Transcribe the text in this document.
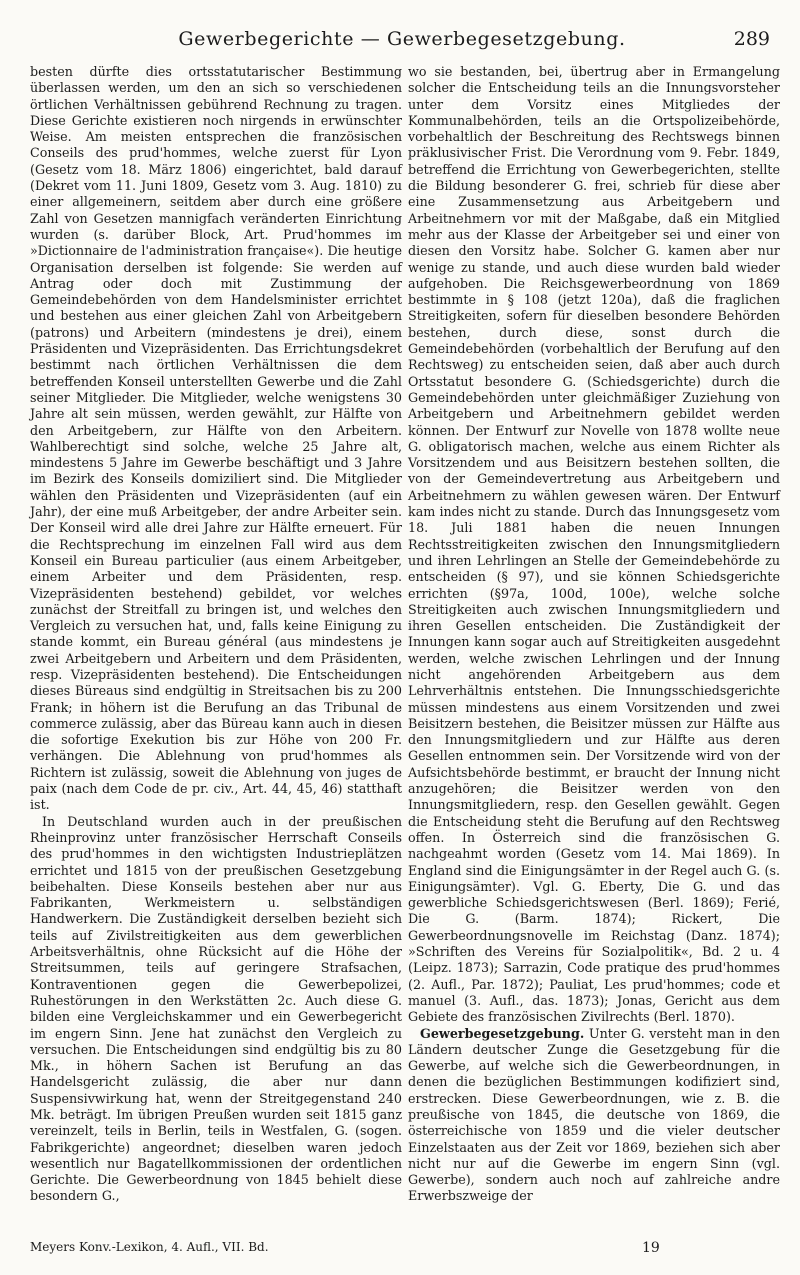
Gewerbegerichte — Gewerbegesetzgebung.	289

besten dürfte dies ortsstatutarischer Bestimmung überlassen werden, um den an sich so verschiedenen örtlichen Verhältnissen gebührend Rechnung zu tragen. Diese Gerichte existieren noch nirgends in erwünschter Weise. Am meisten entsprechen die französischen Conseils des prud'hommes, welche zuerst für Lyon (Gesetz vom 18. März 1806) eingerichtet, bald darauf (Dekret vom 11. Juni 1809, Gesetz vom 3. Aug. 1810) zu einer allgemeinern, seitdem aber durch eine größere Zahl von Gesetzen mannigfach veränderten Einrichtung wurden (s. darüber Block, Art. Prud'hommes im »Dictionnaire de l'administration française«). Die heutige Organisation derselben ist folgende: Sie werden auf Antrag oder doch mit Zustimmung der Gemeindebehörden von dem Handelsminister errichtet und bestehen aus einer gleichen Zahl von Arbeitgebern (patrons) und Arbeitern (mindestens je drei), einem Präsidenten und Vizepräsidenten. Das Errichtungsdekret bestimmt nach örtlichen Verhältnissen die dem betreffenden Konseil unterstellten Gewerbe und die Zahl seiner Mitglieder. Die Mitglieder, welche wenigstens 30 Jahre alt sein müssen, werden gewählt, zur Hälfte von den Arbeitgebern, zur Hälfte von den Arbeitern. Wahlberechtigt sind solche, welche 25 Jahre alt, mindestens 5 Jahre im Gewerbe beschäftigt und 3 Jahre im Bezirk des Konseils domiziliert sind. Die Mitglieder wählen den Präsidenten und Vizepräsidenten (auf ein Jahr), der eine muß Arbeitgeber, der andre Arbeiter sein. Der Konseil wird alle drei Jahre zur Hälfte erneuert. Für die Rechtsprechung im einzelnen Fall wird aus dem Konseil ein Bureau particulier (aus einem Arbeitgeber, einem Arbeiter und dem Präsidenten, resp. Vizepräsidenten bestehend) gebildet, vor welches zunächst der Streitfall zu bringen ist, und welches den Vergleich zu versuchen hat, und, falls keine Einigung zu stande kommt, ein Bureau général (aus mindestens je zwei Arbeitgebern und Arbeitern und dem Präsidenten, resp. Vizepräsidenten bestehend). Die Entscheidungen dieses Büreaus sind endgültig in Streitsachen bis zu 200 Frank; in höhern ist die Berufung an das Tribunal de commerce zulässig, aber das Büreau kann auch in diesen die sofortige Exekution bis zur Höhe von 200 Fr. verhängen. Die Ablehnung von prud'hommes als Richtern ist zulässig, soweit die Ablehnung von juges de paix (nach dem Code de pr. civ., Art. 44, 45, 46) statthaft ist.

In Deutschland wurden auch in der preußischen Rheinprovinz unter französischer Herrschaft Conseils des prud'hommes in den wichtigsten Industrieplätzen errichtet und 1815 von der preußischen Gesetzgebung beibehalten. Diese Konseils bestehen aber nur aus Fabrikanten, Werkmeistern u. selbständigen Handwerkern. Die Zuständigkeit derselben bezieht sich teils auf Zivilstreitigkeiten aus dem gewerblichen Arbeitsverhältnis, ohne Rücksicht auf die Höhe der Streitsummen, teils auf geringere Strafsachen, Kontraventionen gegen die Gewerbepolizei, Ruhestörungen in den Werkstätten 2c. Auch diese G. bilden eine Vergleichskammer und ein Gewerbegericht im engern Sinn. Jene hat zunächst den Vergleich zu versuchen. Die Entscheidungen sind endgültig bis zu 80 Mk., in höhern Sachen ist Berufung an das Handelsgericht zulässig, die aber nur dann Suspensivwirkung hat, wenn der Streitgegenstand 240 Mk. beträgt. Im übrigen Preußen wurden seit 1815 ganz vereinzelt, teils in Berlin, teils in Westfalen, G. (sogen. Fabrikgerichte) angeordnet; dieselben waren jedoch wesentlich nur Bagatellkommissionen der ordentlichen Gerichte. Die Gewerbeordnung von 1845 behielt diese besondern G.,

wo sie bestanden, bei, übertrug aber in Ermangelung solcher die Entscheidung teils an die Innungsvorsteher unter dem Vorsitz eines Mitgliedes der Kommunalbehörden, teils an die Ortspolizeibehörde, vorbehaltlich der Beschreitung des Rechtswegs binnen präklusivischer Frist. Die Verordnung vom 9. Febr. 1849, betreffend die Errichtung von Gewerbegerichten, stellte die Bildung besonderer G. frei, schrieb für diese aber eine Zusammensetzung aus Arbeitgebern und Arbeitnehmern vor mit der Maßgabe, daß ein Mitglied mehr aus der Klasse der Arbeitgeber sei und einer von diesen den Vorsitz habe. Solcher G. kamen aber nur wenige zu stande, und auch diese wurden bald wieder aufgehoben. Die Reichsgewerbeordnung von 1869 bestimmte in § 108 (jetzt 120a), daß die fraglichen Streitigkeiten, sofern für dieselben besondere Behörden bestehen, durch diese, sonst durch die Gemeindebehörden (vorbehaltlich der Berufung auf den Rechtsweg) zu entscheiden seien, daß aber auch durch Ortsstatut besondere G. (Schiedsgerichte) durch die Gemeindebehörden unter gleichmäßiger Zuziehung von Arbeitgebern und Arbeitnehmern gebildet werden können. Der Entwurf zur Novelle von 1878 wollte neue G. obligatorisch machen, welche aus einem Richter als Vorsitzendem und aus Beisitzern bestehen sollten, die von der Gemeindevertretung aus Arbeitgebern und Arbeitnehmern zu wählen gewesen wären. Der Entwurf kam indes nicht zu stande. Durch das Innungsgesetz vom 18. Juli 1881 haben die neuen Innungen Rechtsstreitigkeiten zwischen den Innungsmitgliedern und ihren Lehrlingen an Stelle der Gemeindebehörde zu entscheiden (§ 97), und sie können Schiedsgerichte errichten (§97a, 100d, 100e), welche solche Streitigkeiten auch zwischen Innungsmitgliedern und ihren Gesellen entscheiden. Die Zuständigkeit der Innungen kann sogar auch auf Streitigkeiten ausgedehnt werden, welche zwischen Lehrlingen und der Innung nicht angehörenden Arbeitgebern aus dem Lehrverhältnis entstehen. Die Innungsschiedsgerichte müssen mindestens aus einem Vorsitzenden und zwei Beisitzern bestehen, die Beisitzer müssen zur Hälfte aus den Innungsmitgliedern und zur Hälfte aus deren Gesellen entnommen sein. Der Vorsitzende wird von der Aufsichtsbehörde bestimmt, er braucht der Innung nicht anzugehören; die Beisitzer werden von den Innungsmitgliedern, resp. den Gesellen gewählt. Gegen die Entscheidung steht die Berufung auf den Rechtsweg offen. In Österreich sind die französischen G. nachgeahmt worden (Gesetz vom 14. Mai 1869). In England sind die Einigungsämter in der Regel auch G. (s. Einigungsämter). Vgl. G. Eberty, Die G. und das gewerbliche Schiedsgerichtswesen (Berl. 1869); Ferié, Die G. (Barm. 1874); Rickert, Die Gewerbeordnungsnovelle im Reichstag (Danz. 1874); »Schriften des Vereins für Sozialpolitik«, Bd. 2 u. 4 (Leipz. 1873); Sarrazin, Code pratique des prud'hommes (2. Aufl., Par. 1872); Pauliat, Les prud'hommes; code et manuel (3. Aufl., das. 1873); Jonas, Gericht aus dem Gebiete des französischen Zivilrechts (Berl. 1870).

Gewerbegesetzgebung. Unter G. versteht man in den Ländern deutscher Zunge die Gesetzgebung für die Gewerbe, auf welche sich die Gewerbeordnungen, in denen die bezüglichen Bestimmungen kodifiziert sind, erstrecken. Diese Gewerbeordnungen, wie z. B. die preußische von 1845, die deutsche von 1869, die österreichische von 1859 und die vieler deutscher Einzelstaaten aus der Zeit vor 1869, beziehen sich aber nicht nur auf die Gewerbe im engern Sinn (vgl. Gewerbe), sondern auch noch auf zahlreiche andre Erwerbszweige der

Meyers Konv.-Lexikon, 4. Aufl., VII. Bd.	19
